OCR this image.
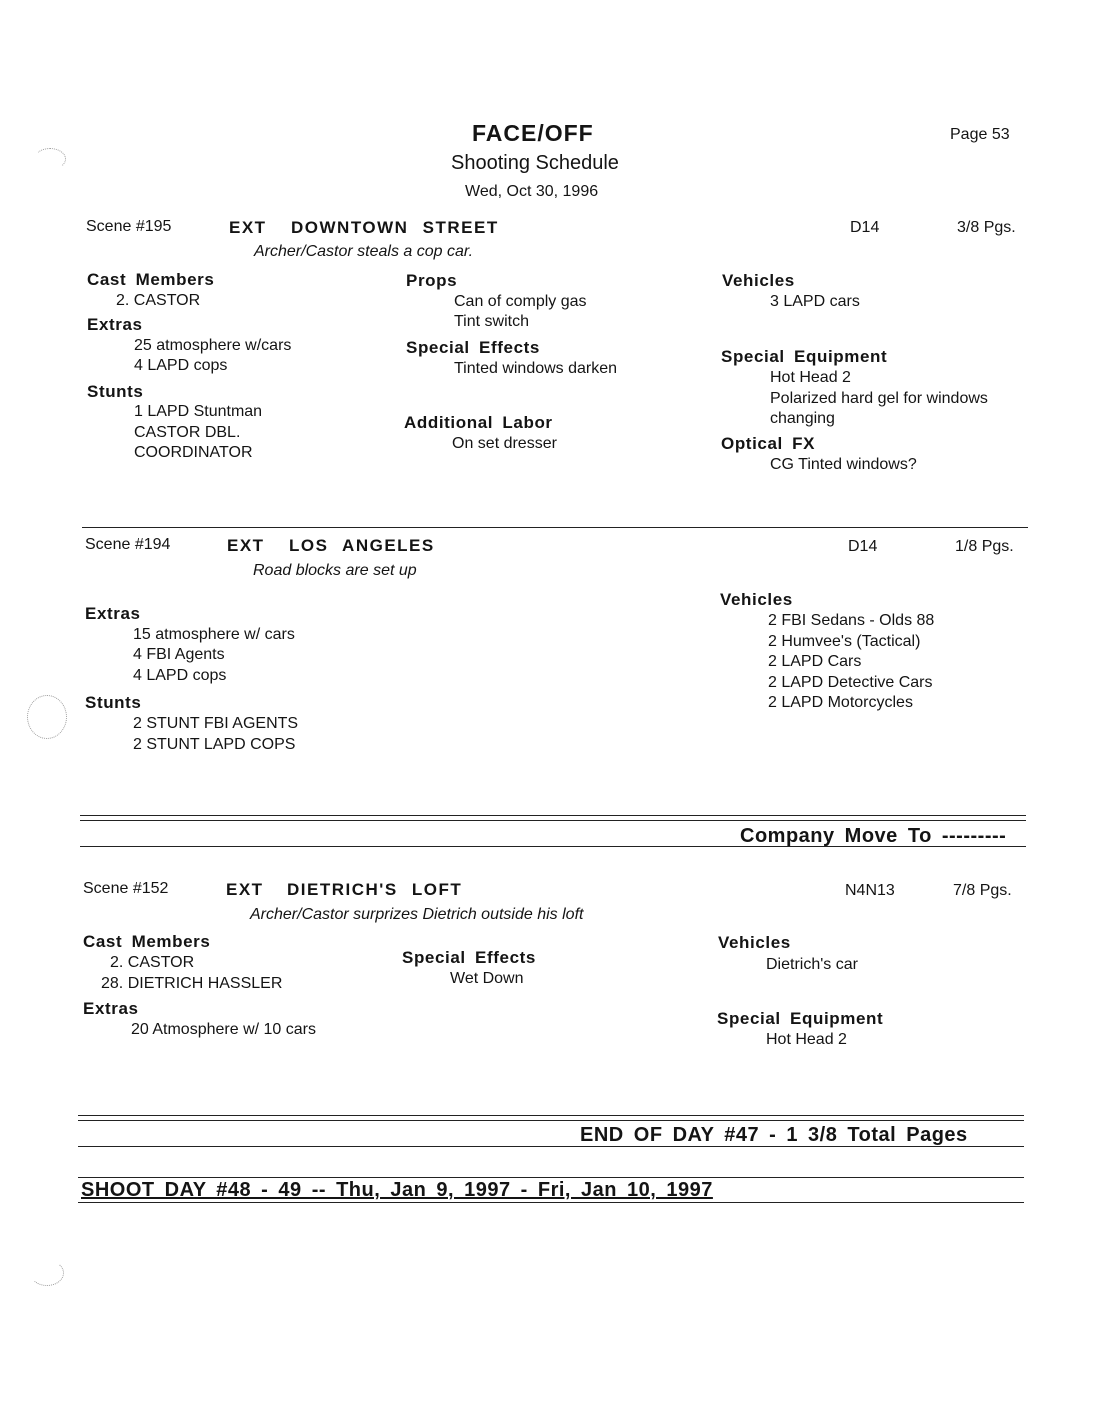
FACE/OFF
Shooting Schedule
Wed, Oct 30, 1996
Page 53
Scene #195	EXT DOWNTOWN STREET	D14	3/8 Pgs.
Archer/Castor steals a cop car.
Cast Members
2. CASTOR
Extras
25 atmosphere w/cars
4 LAPD cops
Stunts
1 LAPD Stuntman
CASTOR DBL.
COORDINATOR
Props
Can of comply gas
Tint switch
Special Effects
Tinted windows darken
Additional Labor
On set dresser
Vehicles
3 LAPD cars
Special Equipment
Hot Head 2
Polarized hard gel for windows
changing
Optical FX
CG Tinted windows?
Scene #194	EXT LOS ANGELES	D14	1/8 Pgs.
Road blocks are set up
Extras
15 atmosphere w/ cars
4 FBI Agents
4 LAPD cops
Stunts
2 STUNT FBI AGENTS
2 STUNT LAPD COPS
Vehicles
2 FBI Sedans - Olds 88
2 Humvee's (Tactical)
2 LAPD Cars
2 LAPD Detective Cars
2 LAPD Motorcycles
Company Move To ---------
Scene #152	EXT DIETRICH'S LOFT	N4N13	7/8 Pgs.
Archer/Castor surprizes Dietrich outside his loft
Cast Members
2. CASTOR
28. DIETRICH HASSLER
Extras
20 Atmosphere w/ 10 cars
Special Effects
Wet Down
Vehicles
Dietrich's car
Special Equipment
Hot Head 2
END OF DAY #47 - 1 3/8 Total Pages
SHOOT DAY #48 - 49 -- Thu, Jan 9, 1997 - Fri, Jan 10, 1997
